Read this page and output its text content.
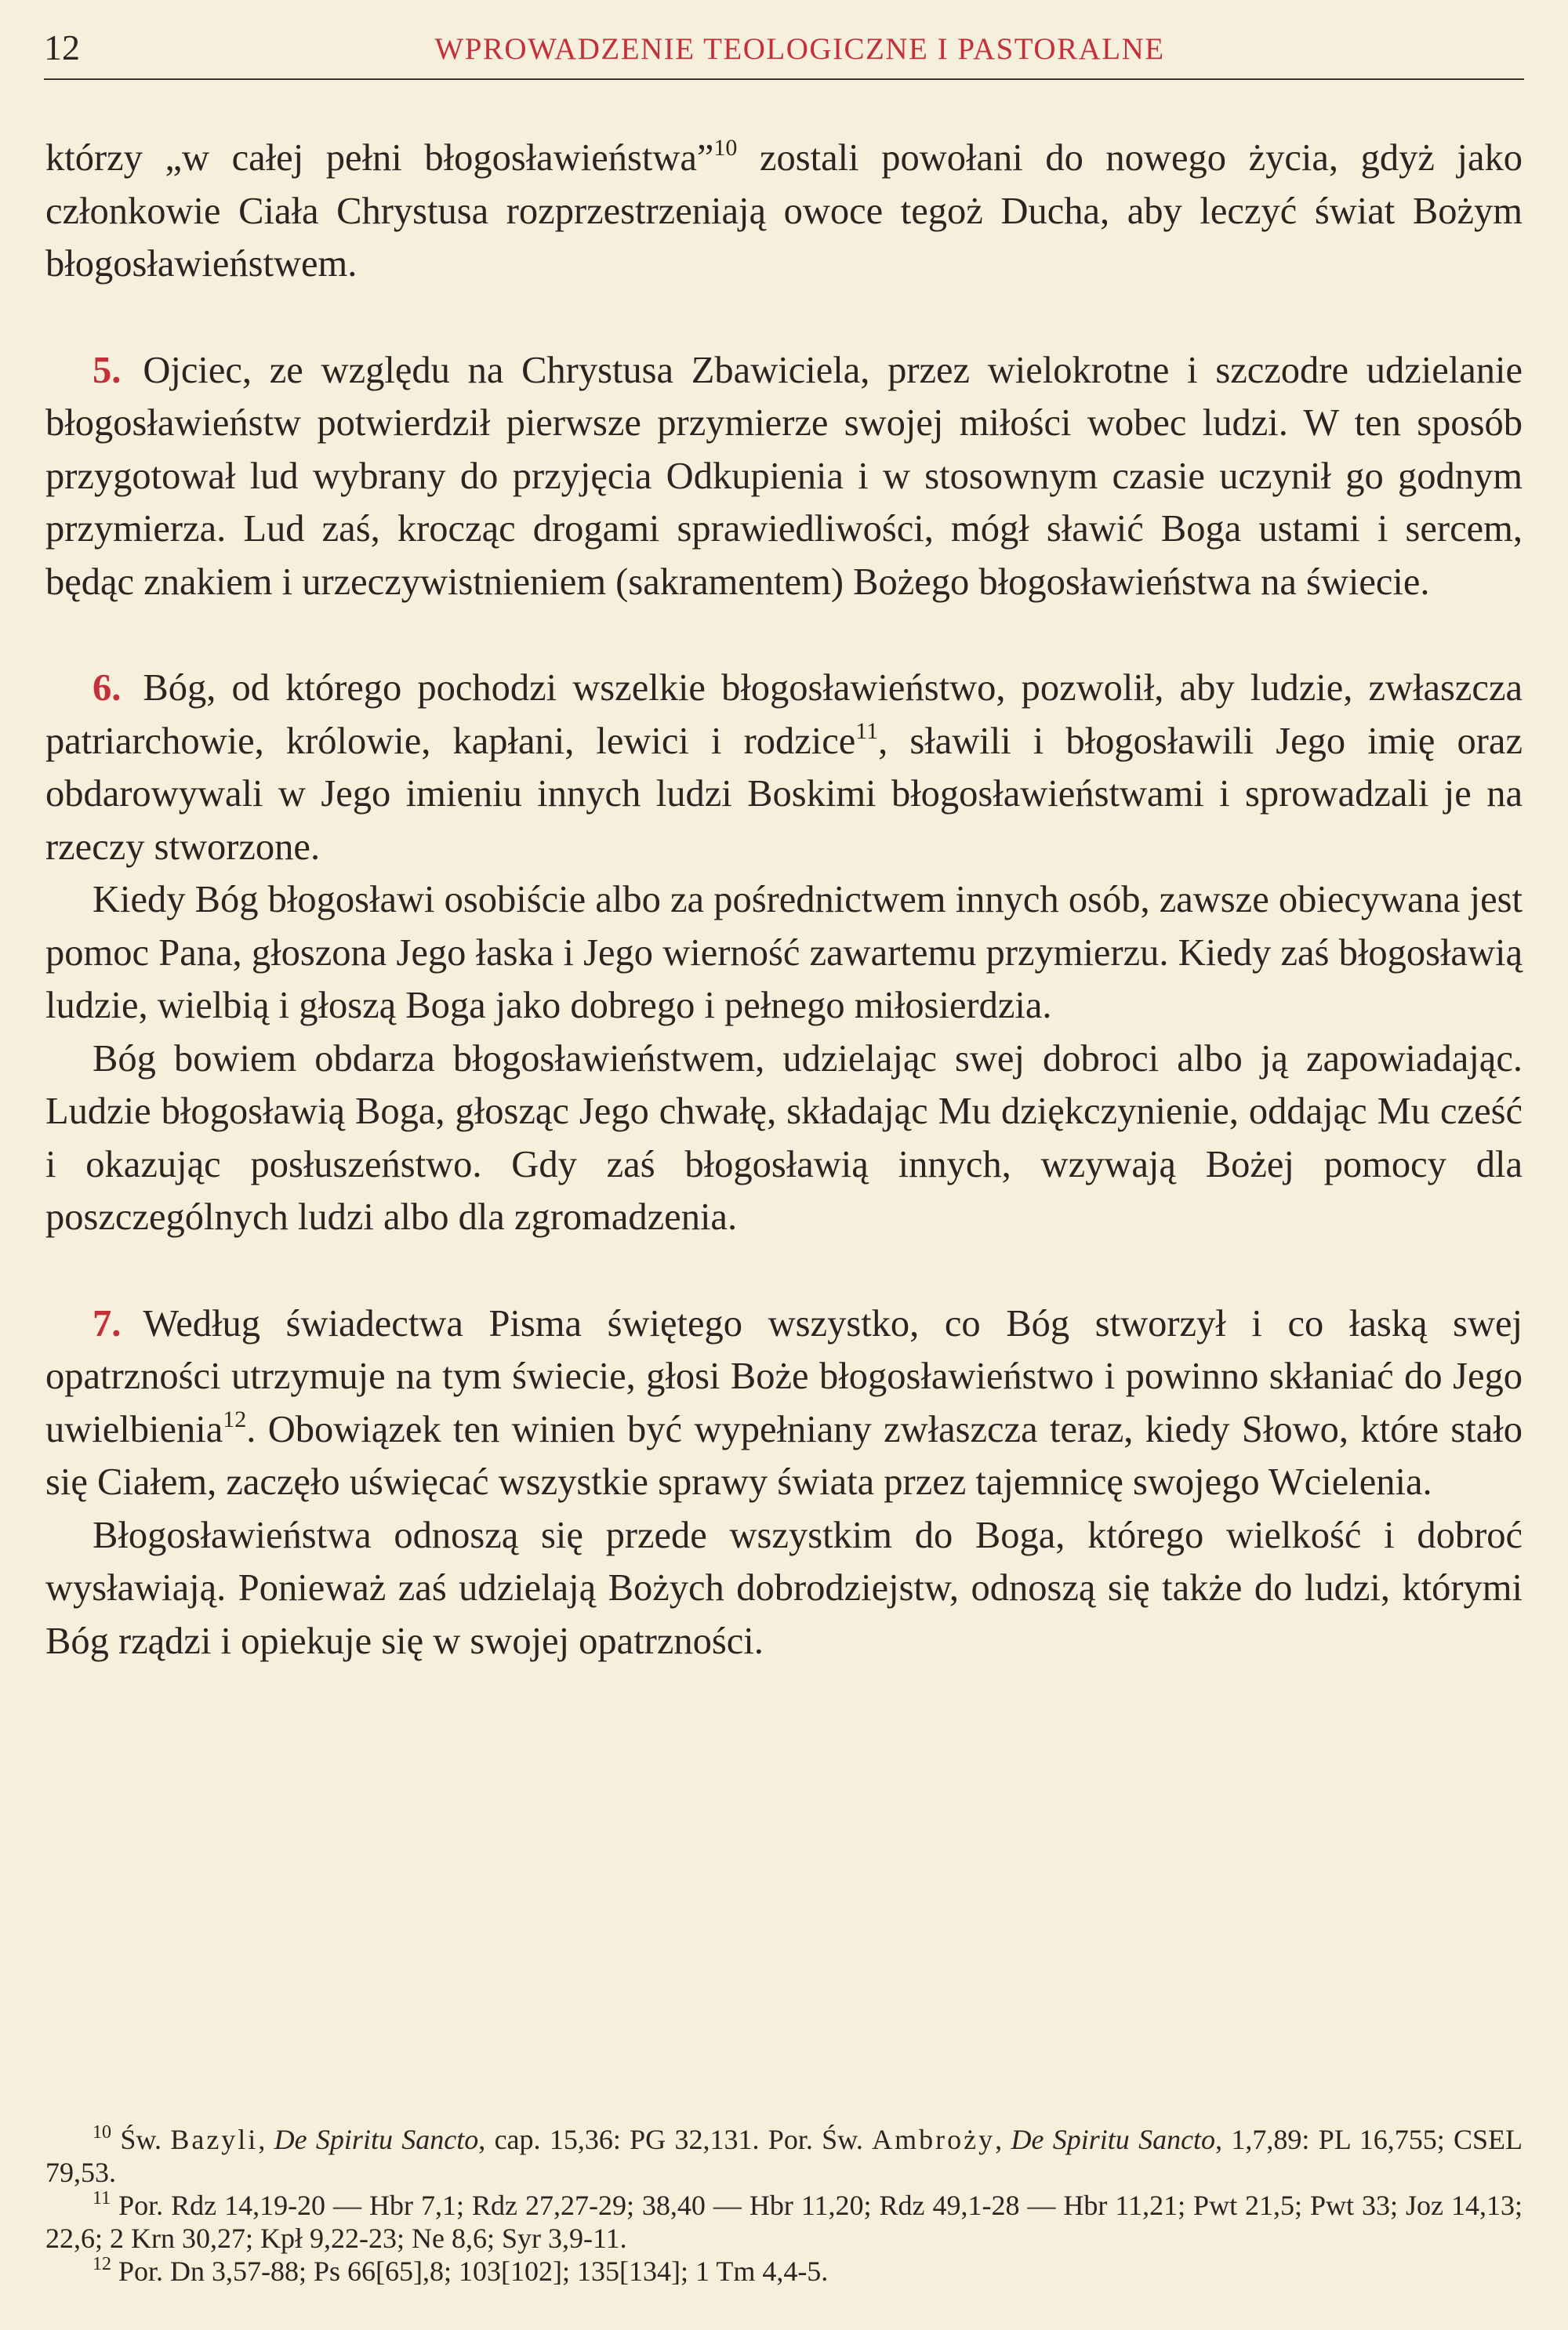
12	WPROWADZENIE TEOLOGICZNE I PASTORALNE

którzy „w całej pełni błogosławieństwa”$^{10}$ zostali powołani do nowego życia, gdyż jako członkowie Ciała Chrystusa rozprzestrzeniają owoce tegoż Ducha, aby leczyć świat Bożym błogosławieństwem.

5. Ojciec, ze względu na Chrystusa Zbawiciela, przez wielokrotne i szczodre udzielanie błogosławieństw potwierdził pierwsze przymierze swojej miłości wobec ludzi. W ten sposób przygotował lud wybrany do przyjęcia Odkupienia i w stosownym czasie uczynił go godnym przymierza. Lud zaś, krocząc drogami sprawiedliwości, mógł sławić Boga ustami i sercem, będąc znakiem i urzeczywistnieniem (sakramentem) Bożego błogosławieństwa na świecie.

6. Bóg, od którego pochodzi wszelkie błogosławieństwo, pozwolił, aby ludzie, zwłaszcza patriarchowie, królowie, kapłani, lewici i rodzice$^{11}$, sławili i błogosławili Jego imię oraz obdarowywali w Jego imieniu innych ludzi Boskimi błogosławieństwami i sprowadzali je na rzeczy stworzone.

Kiedy Bóg błogosławi osobiście albo za pośrednictwem innych osób, zawsze obiecywana jest pomoc Pana, głoszona Jego łaska i Jego wierność zawartemu przymierzu. Kiedy zaś błogosławią ludzie, wielbią i głoszą Boga jako dobrego i pełnego miłosierdzia.

Bóg bowiem obdarza błogosławieństwem, udzielając swej dobroci albo ją zapowiadając. Ludzie błogosławią Boga, głosząc Jego chwałę, składając Mu dziękczynienie, oddając Mu cześć i okazując posłuszeństwo. Gdy zaś błogosławią innych, wzywają Bożej pomocy dla poszczególnych ludzi albo dla zgromadzenia.

7. Według świadectwa Pisma świętego wszystko, co Bóg stworzył i co łaską swej opatrzności utrzymuje na tym świecie, głosi Boże błogosławieństwo i powinno skłaniać do Jego uwielbienia$^{12}$. Obowiązek ten winien być wypełniany zwłaszcza teraz, kiedy Słowo, które stało się Ciałem, zaczęło uświęcać wszystkie sprawy świata przez tajemnicę swojego Wcielenia.

Błogosławieństwa odnoszą się przede wszystkim do Boga, którego wielkość i dobroć wysławiają. Ponieważ zaś udzielają Bożych dobrodziejstw, odnoszą się także do ludzi, którymi Bóg rządzi i opiekuje się w swojej opatrzności.

$^{10}$ Św. Bazyli, De Spiritu Sancto, cap. 15,36: PG 32,131. Por. Św. Ambroży, De Spiritu Sancto, 1,7,89: PL 16,755; CSEL 79,53.

$^{11}$ Por. Rdz 14,19-20 — Hbr 7,1; Rdz 27,27-29; 38,40 — Hbr 11,20; Rdz 49,1-28 — Hbr 11,21; Pwt 21,5; Pwt 33; Joz 14,13; 22,6; 2 Krn 30,27; Kpł 9,22-23; Ne 8,6; Syr 3,9-11.

$^{12}$ Por. Dn 3,57-88; Ps 66[65],8; 103[102]; 135[134]; 1 Tm 4,4-5.
